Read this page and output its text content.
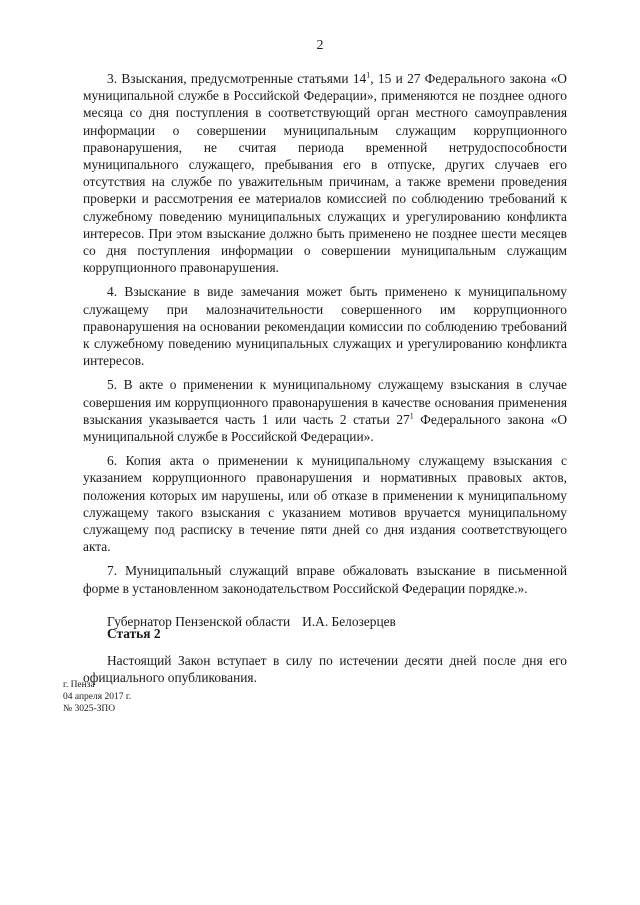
2

3. Взыскания, предусмотренные статьями $14^1$, 15 и 27 Федерального закона «О муниципальной службе в Российской Федерации», применяются не позднее одного месяца со дня поступления в соответствующий орган местного самоуправления информации о совершении муниципальным служащим коррупционного правонарушения, не считая периода временной нетрудоспособности муниципального служащего, пребывания его в отпуске, других случаев его отсутствия на службе по уважительным причинам, а также времени проведения проверки и рассмотрения ее материалов комиссией по соблюдению требований к служебному поведению муниципальных служащих и урегулированию конфликта интересов. При этом взыскание должно быть применено не позднее шести месяцев со дня поступления информации о совершении муниципальным служащим коррупционного правонарушения.

4. Взыскание в виде замечания может быть применено к муниципальному служащему при малозначительности совершенного им коррупционного правонарушения на основании рекомендации комиссии по соблюдению требований к служебному поведению муниципальных служащих и урегулированию конфликта интересов.

5. В акте о применении к муниципальному служащему взыскания в случае совершения им коррупционного правонарушения в качестве основания применения взыскания указывается часть 1 или часть 2 статьи $27^1$ Федерального закона «О муниципальной службе в Российской Федерации».

6. Копия акта о применении к муниципальному служащему взыскания с указанием коррупционного правонарушения и нормативных правовых актов, положения которых им нарушены, или об отказе в применении к муниципальному служащему такого взыскания с указанием мотивов вручается муниципальному служащему под расписку в течение пяти дней со дня издания соответствующего акта.

7. Муниципальный служащий вправе обжаловать взыскание в письменной форме в установленном законодательством Российской Федерации порядке.».

Статья 2

Настоящий Закон вступает в силу по истечении десяти дней после дня его официального опубликования.

Губернатор Пензенской области И.А. Белозерцев
г. Пенза
04 апреля 2017 г.
№ 3025-ЗПО
